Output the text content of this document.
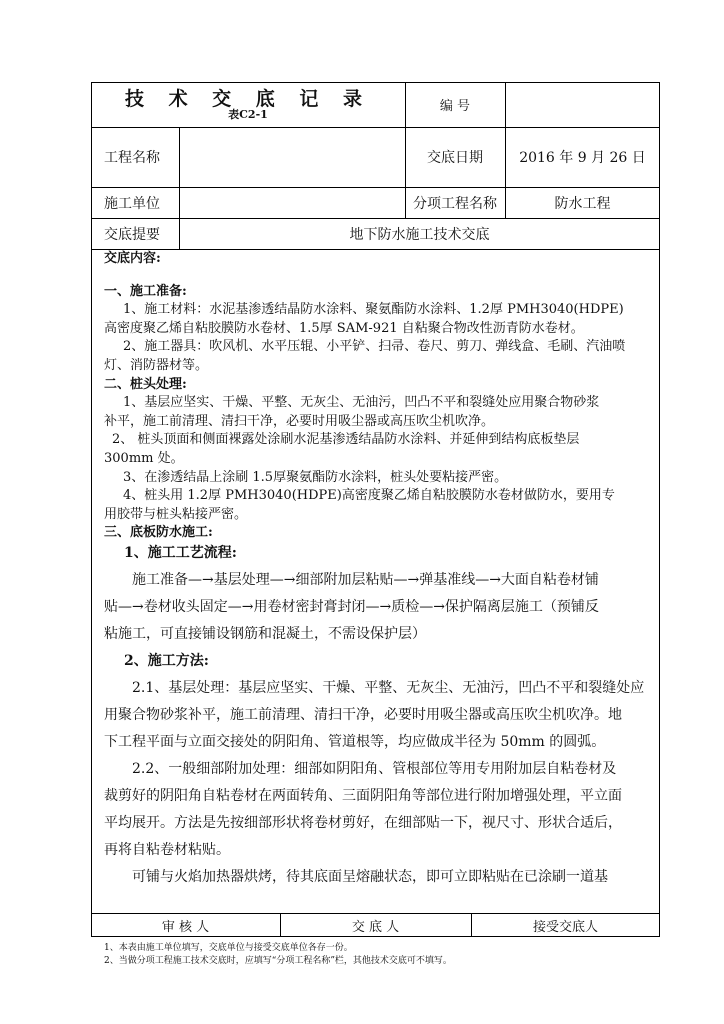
技 术 交 底 记 录
表C2-1
编 号
工程名称	交底日期	2016 年 9 月 26 日
施工单位	分项工程名称	防水工程
交底提要	地下防水施工技术交底
交底内容:
一、施工准备:
1、施工材料：水泥基渗透结晶防水涂料、聚氨酯防水涂料、1.2厚 PMH3040(HDPE)
高密度聚乙烯自粘胶膜防水卷材、1.5厚 SAM-921 自粘聚合物改性沥青防水卷材。
2、施工器具：吹风机、水平压辊、小平铲、扫帚、卷尺、剪刀、弹线盒、毛刷、汽油喷
灯、消防器材等。
二、桩头处理:
1、基层应坚实、干燥、平整、无灰尘、无油污，凹凸不平和裂缝处应用聚合物砂浆
补平，施工前清理、清扫干净，必要时用吸尘器或高压吹尘机吹净。
2、 桩头顶面和侧面裸露处涂刷水泥基渗透结晶防水涂料、并延伸到结构底板垫层
300mm 处。
3、在渗透结晶上涂刷 1.5厚聚氨酯防水涂料，桩头处要粘接严密。
4、桩头用 1.2厚 PMH3040(HDPE)高密度聚乙烯自粘胶膜防水卷材做防水，要用专
用胶带与桩头粘接严密。
三、底板防水施工:
1、施工工艺流程:
施工准备—→基层处理—→细部附加层粘贴—→弹基准线—→大面自粘卷材铺
贴—→卷材收头固定—→用卷材密封膏封闭—→质检—→保护隔离层施工（预铺反
粘施工，可直接铺设钢筋和混凝土，不需设保护层）
2、施工方法:
2.1、基层处理：基层应坚实、干燥、平整、无灰尘、无油污，凹凸不平和裂缝处应
用聚合物砂浆补平，施工前清理、清扫干净，必要时用吸尘器或高压吹尘机吹净。地
下工程平面与立面交接处的阴阳角、管道根等，均应做成半径为 50mm 的圆弧。
2.2、一般细部附加处理：细部如阴阳角、管根部位等用专用附加层自粘卷材及
裁剪好的阴阳角自粘卷材在两面转角、三面阴阳角等部位进行附加增强处理，平立面
平均展开。方法是先按细部形状将卷材剪好，在细部贴一下，视尺寸、形状合适后，
再将自粘卷材粘贴。
可铺与火焰加热器烘烤，待其底面呈熔融状态，即可立即粘贴在已涂刷一道基
审 核 人	交 底 人	接受交底人
1、本表由施工单位填写，交底单位与接受交底单位各存一份。
2、当做分项工程施工技术交底时，应填写“分项工程名称”栏，其他技术交底可不填写。
